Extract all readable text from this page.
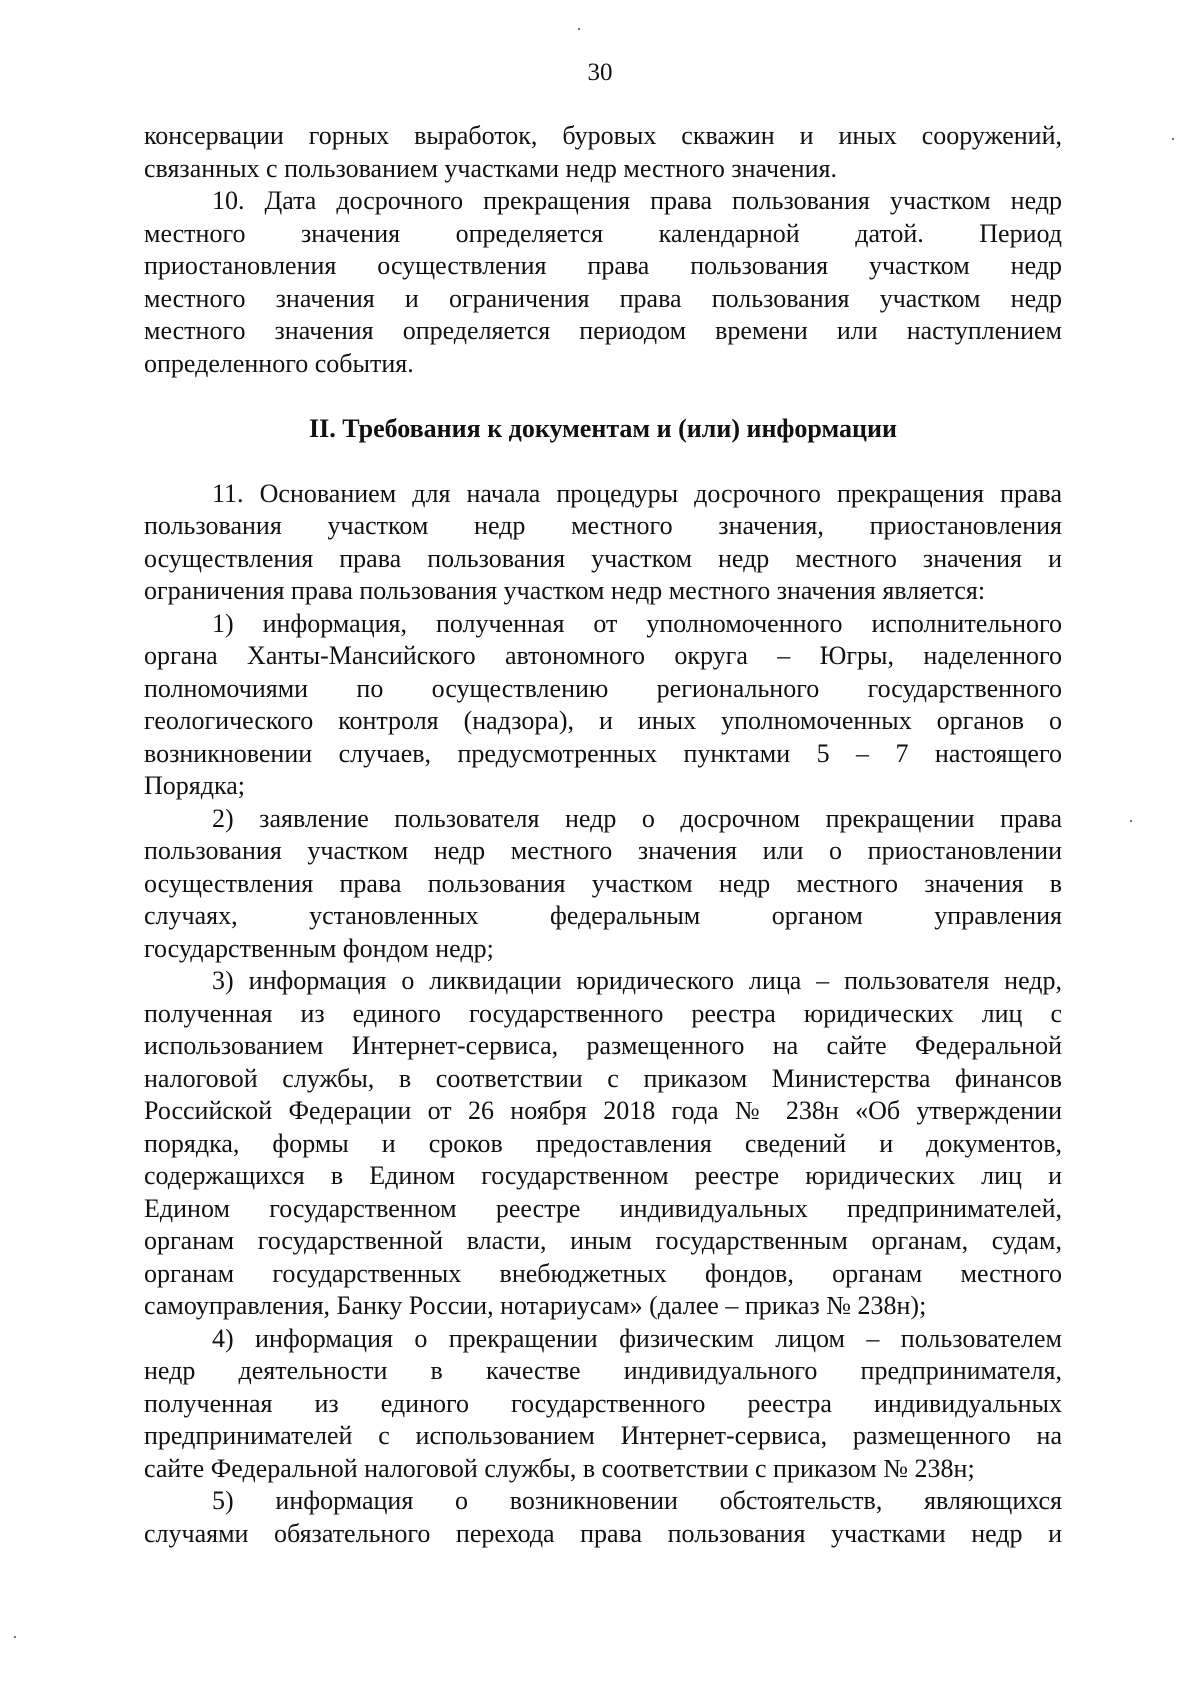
30
консервации горных выработок, буровых скважин и иных сооружений,
связанных с пользованием участками недр местного значения.
10. Дата досрочного прекращения права пользования участком недр
местного значения определяется календарной датой. Период
приостановления осуществления права пользования участком недр
местного значения и ограничения права пользования участком недр
местного значения определяется периодом времени или наступлением
определенного события.
II. Требования к документам и (или) информации
11. Основанием для начала процедуры досрочного прекращения права
пользования участком недр местного значения, приостановления
осуществления права пользования участком недр местного значения и
ограничения права пользования участком недр местного значения является:
1) информация, полученная от уполномоченного исполнительного
органа Ханты-Мансийского автономного округа – Югры, наделенного
полномочиями по осуществлению регионального государственного
геологического контроля (надзора), и иных уполномоченных органов о
возникновении случаев, предусмотренных пунктами 5 – 7 настоящего
Порядка;
2) заявление пользователя недр о досрочном прекращении права
пользования участком недр местного значения или о приостановлении
осуществления права пользования участком недр местного значения в
случаях, установленных федеральным органом управления
государственным фондом недр;
3) информация о ликвидации юридического лица – пользователя недр,
полученная из единого государственного реестра юридических лиц с
использованием Интернет-сервиса, размещенного на сайте Федеральной
налоговой службы, в соответствии с приказом Министерства финансов
Российской Федерации от 26 ноября 2018 года № 238н «Об утверждении
порядка, формы и сроков предоставления сведений и документов,
содержащихся в Едином государственном реестре юридических лиц и
Едином государственном реестре индивидуальных предпринимателей,
органам государственной власти, иным государственным органам, судам,
органам государственных внебюджетных фондов, органам местного
самоуправления, Банку России, нотариусам» (далее – приказ № 238н);
4) информация о прекращении физическим лицом – пользователем
недр деятельности в качестве индивидуального предпринимателя,
полученная из единого государственного реестра индивидуальных
предпринимателей с использованием Интернет-сервиса, размещенного на
сайте Федеральной налоговой службы, в соответствии с приказом № 238н;
5) информация о возникновении обстоятельств, являющихся
случаями обязательного перехода права пользования участками недр и
